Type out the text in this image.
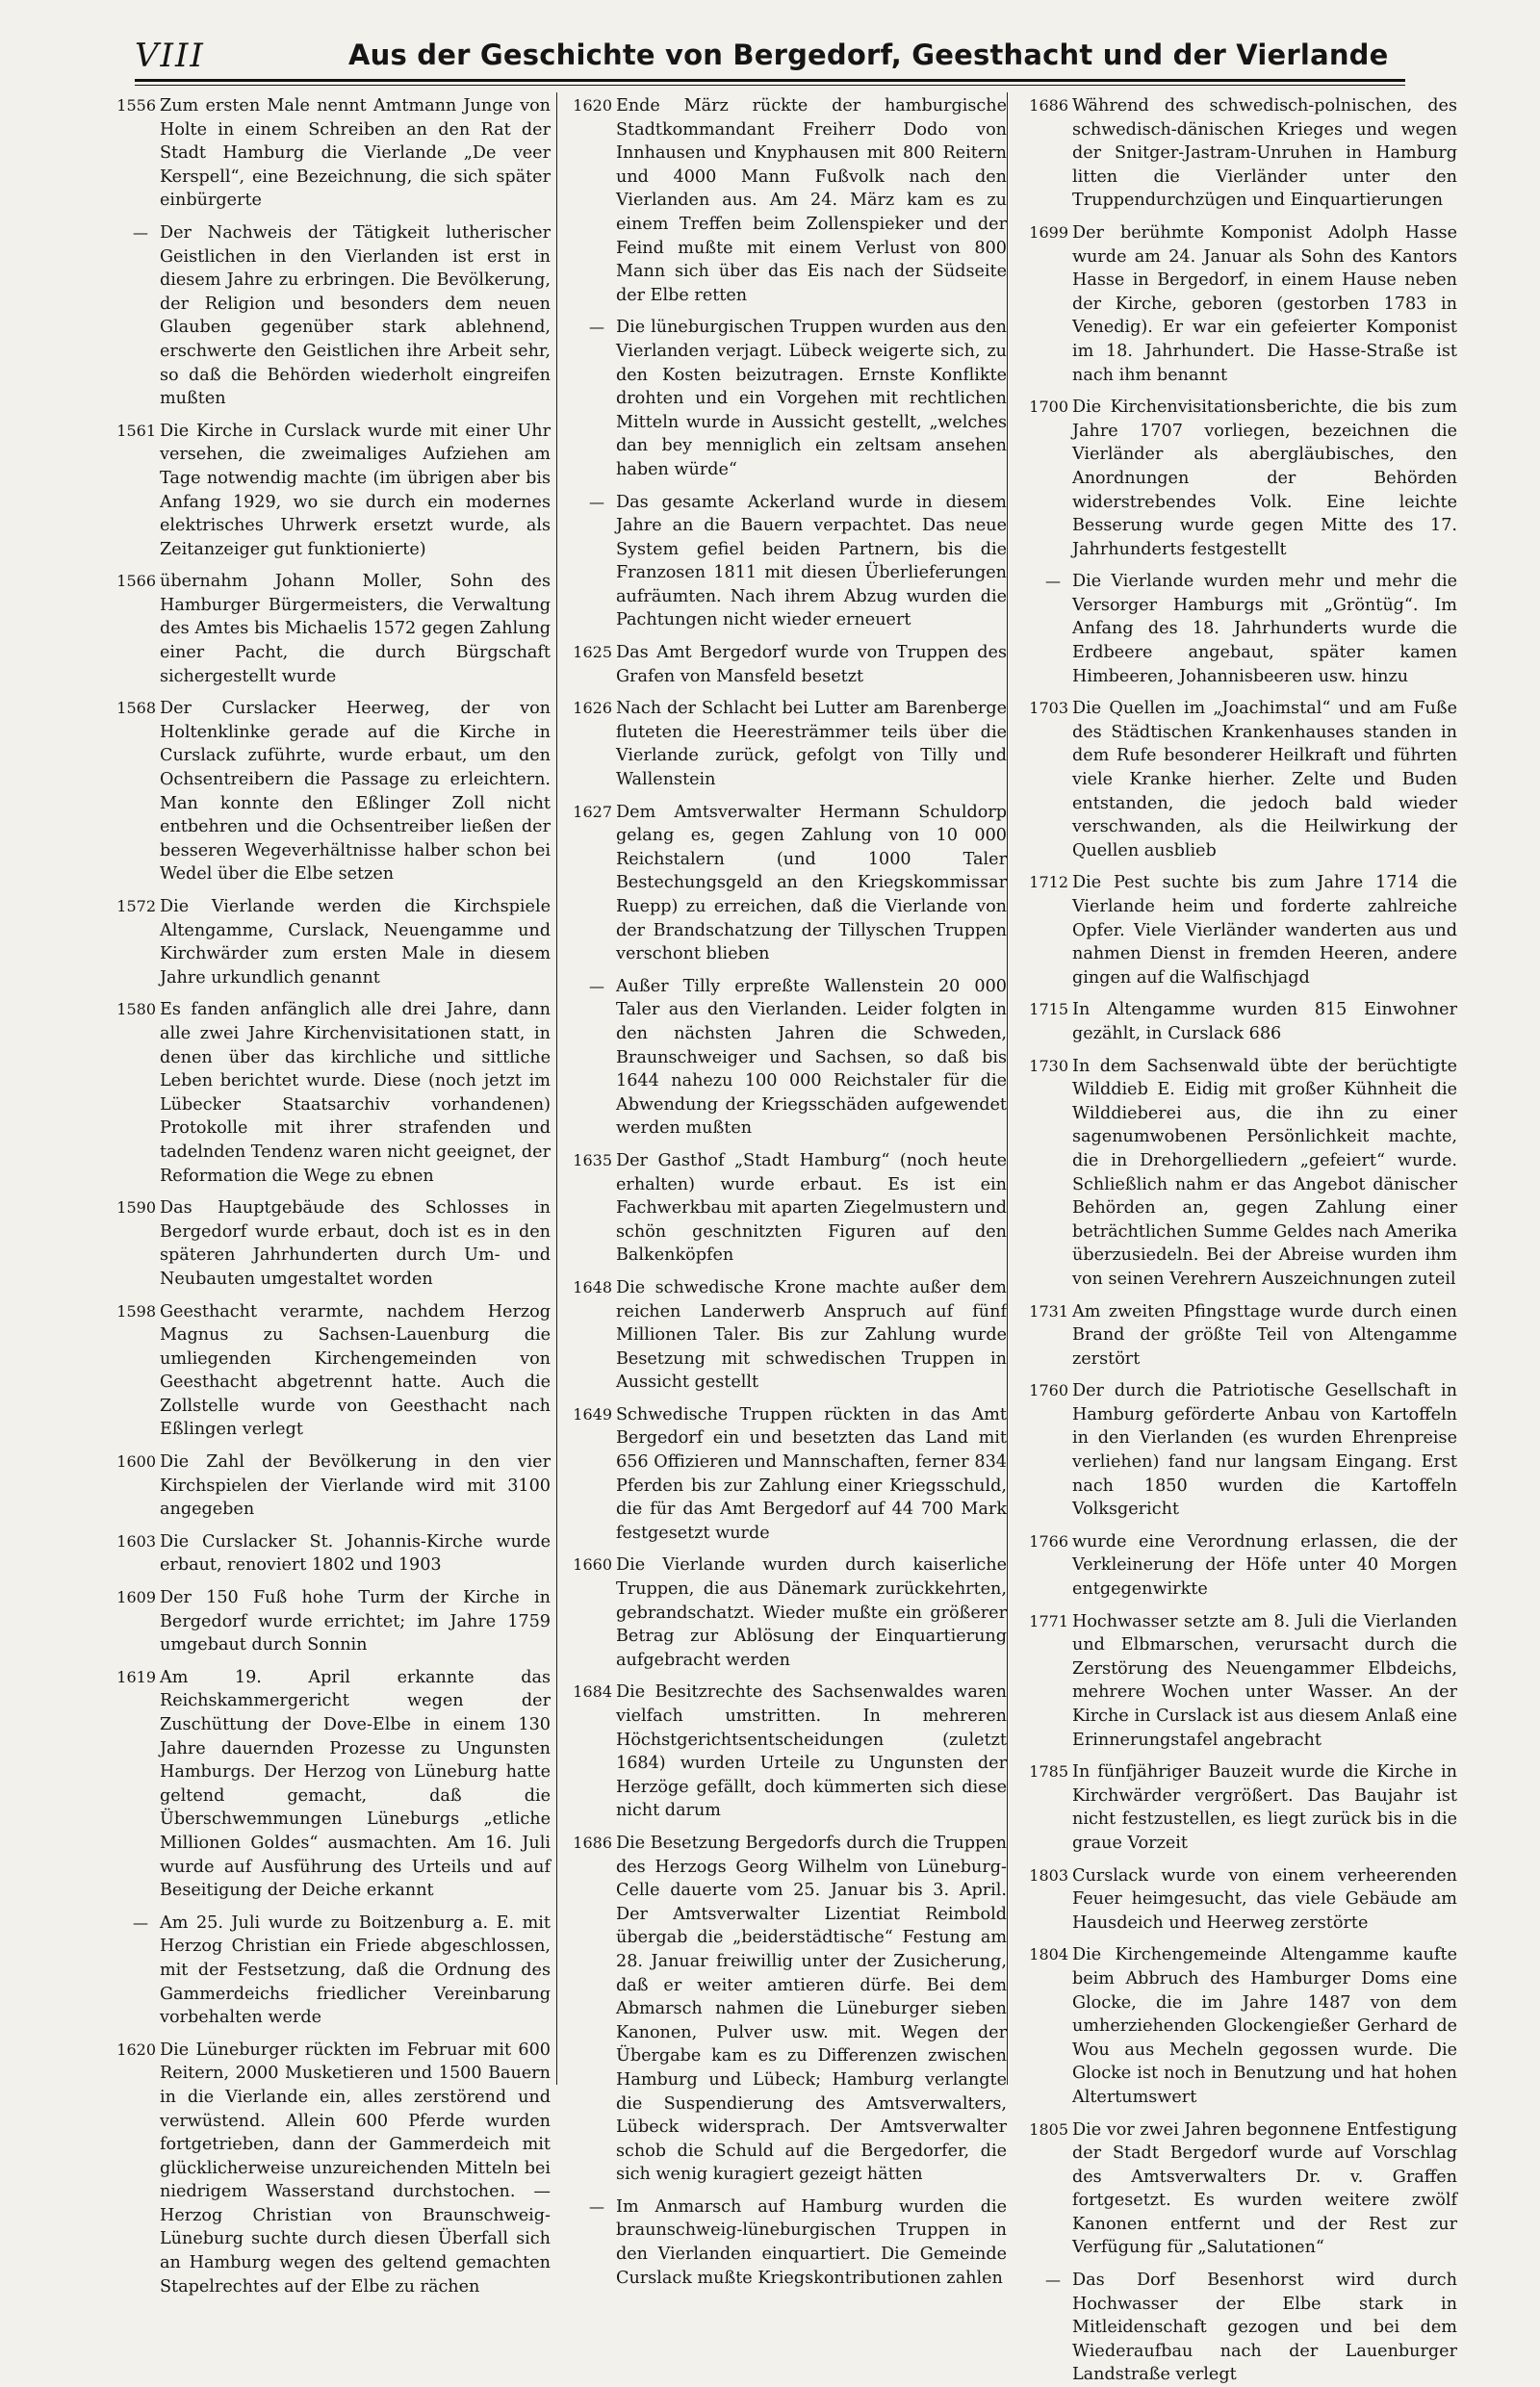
VIII	Aus der Geschichte von Bergedorf, Geesthacht und der Vierlande
1556 Zum ersten Male nennt Amtmann Junge von Holte in einem Schreiben an den Rat der Stadt Hamburg die Vierlande „De veer Kerspell“, eine Bezeichnung, die sich später einbürgerte
— Der Nachweis der Tätigkeit lutherischer Geistlichen in den Vierlanden ist erst in diesem Jahre zu erbringen. Die Bevölkerung, der Religion und besonders dem neuen Glauben gegenüber stark ablehnend, erschwerte den Geistlichen ihre Arbeit sehr, so daß die Behörden wiederholt eingreifen mußten
1561 Die Kirche in Curslack wurde mit einer Uhr versehen, die zweimaliges Aufziehen am Tage notwendig machte (im übrigen aber bis Anfang 1929, wo sie durch ein modernes elektrisches Uhrwerk ersetzt wurde, als Zeitanzeiger gut funktionierte)
1566 übernahm Johann Moller, Sohn des Hamburger Bürgermeisters, die Verwaltung des Amtes bis Michaelis 1572 gegen Zahlung einer Pacht, die durch Bürgschaft sichergestellt wurde
1568 Der Curslacker Heerweg, der von Holtenklinke gerade auf die Kirche in Curslack zuführte, wurde erbaut, um den Ochsentreibern die Passage zu erleichtern. Man konnte den Eßlinger Zoll nicht entbehren und die Ochsentreiber ließen der besseren Wegeverhältnisse halber schon bei Wedel über die Elbe setzen
1572 Die Vierlande werden die Kirchspiele Altengamme, Curslack, Neuengamme und Kirchwärder zum ersten Male in diesem Jahre urkundlich genannt
1580 Es fanden anfänglich alle drei Jahre, dann alle zwei Jahre Kirchenvisitationen statt, in denen über das kirchliche und sittliche Leben berichtet wurde. Diese (noch jetzt im Lübecker Staatsarchiv vorhandenen) Protokolle mit ihrer strafenden und tadelnden Tendenz waren nicht geeignet, der Reformation die Wege zu ebnen
1590 Das Hauptgebäude des Schlosses in Bergedorf wurde erbaut, doch ist es in den späteren Jahrhunderten durch Um- und Neubauten umgestaltet worden
1598 Geesthacht verarmte, nachdem Herzog Magnus zu Sachsen-Lauenburg die umliegenden Kirchengemeinden von Geesthacht abgetrennt hatte. Auch die Zollstelle wurde von Geesthacht nach Eßlingen verlegt
1600 Die Zahl der Bevölkerung in den vier Kirchspielen der Vierlande wird mit 3100 angegeben
1603 Die Curslacker St. Johannis-Kirche wurde erbaut, renoviert 1802 und 1903
1609 Der 150 Fuß hohe Turm der Kirche in Bergedorf wurde errichtet; im Jahre 1759 umgebaut durch Sonnin
1619 Am 19. April erkannte das Reichskammergericht wegen der Zuschüttung der Dove-Elbe in einem 130 Jahre dauernden Prozesse zu Ungunsten Hamburgs. Der Herzog von Lüneburg hatte geltend gemacht, daß die Überschwemmungen Lüneburgs „etliche Millionen Goldes“ ausmachten. Am 16. Juli wurde auf Ausführung des Urteils und auf Beseitigung der Deiche erkannt
— Am 25. Juli wurde zu Boitzenburg a. E. mit Herzog Christian ein Friede abgeschlossen, mit der Festsetzung, daß die Ordnung des Gammerdeichs friedlicher Vereinbarung vorbehalten werde
1620 Die Lüneburger rückten im Februar mit 600 Reitern, 2000 Musketieren und 1500 Bauern in die Vierlande ein, alles zerstörend und verwüstend. Allein 600 Pferde wurden fortgetrieben, dann der Gammerdeich mit glücklicherweise unzureichenden Mitteln bei niedrigem Wasserstand durchstochen. — Herzog Christian von Braunschweig-Lüneburg suchte durch diesen Überfall sich an Hamburg wegen des geltend gemachten Stapelrechtes auf der Elbe zu rächen
1620 Ende März rückte der hamburgische Stadtkommandant Freiherr Dodo von Innhausen und Knyphausen mit 800 Reitern und 4000 Mann Fußvolk nach den Vierlanden aus. Am 24. März kam es zu einem Treffen beim Zollenspieker und der Feind mußte mit einem Verlust von 800 Mann sich über das Eis nach der Südseite der Elbe retten
— Die lüneburgischen Truppen wurden aus den Vierlanden verjagt. Lübeck weigerte sich, zu den Kosten beizutragen. Ernste Konflikte drohten und ein Vorgehen mit rechtlichen Mitteln wurde in Aussicht gestellt, „welches dan bey menniglich ein zeltsam ansehen haben würde“
— Das gesamte Ackerland wurde in diesem Jahre an die Bauern verpachtet. Das neue System gefiel beiden Partnern, bis die Franzosen 1811 mit diesen Überlieferungen aufräumten. Nach ihrem Abzug wurden die Pachtungen nicht wieder erneuert
1625 Das Amt Bergedorf wurde von Truppen des Grafen von Mansfeld besetzt
1626 Nach der Schlacht bei Lutter am Barenberge fluteten die Heeresträmmer teils über die Vierlande zurück, gefolgt von Tilly und Wallenstein
1627 Dem Amtsverwalter Hermann Schuldorp gelang es, gegen Zahlung von 10 000 Reichstalern (und 1000 Taler Bestechungsgeld an den Kriegskommissar Ruepp) zu erreichen, daß die Vierlande von der Brandschatzung der Tillyschen Truppen verschont blieben
— Außer Tilly erpreßte Wallenstein 20 000 Taler aus den Vierlanden. Leider folgten in den nächsten Jahren die Schweden, Braunschweiger und Sachsen, so daß bis 1644 nahezu 100 000 Reichstaler für die Abwendung der Kriegsschäden aufgewendet werden mußten
1635 Der Gasthof „Stadt Hamburg“ (noch heute erhalten) wurde erbaut. Es ist ein Fachwerkbau mit aparten Ziegelmustern und schön geschnitzten Figuren auf den Balkenköpfen
1648 Die schwedische Krone machte außer dem reichen Landerwerb Anspruch auf fünf Millionen Taler. Bis zur Zahlung wurde Besetzung mit schwedischen Truppen in Aussicht gestellt
1649 Schwedische Truppen rückten in das Amt Bergedorf ein und besetzten das Land mit 656 Offizieren und Mannschaften, ferner 834 Pferden bis zur Zahlung einer Kriegsschuld, die für das Amt Bergedorf auf 44 700 Mark festgesetzt wurde
1660 Die Vierlande wurden durch kaiserliche Truppen, die aus Dänemark zurückkehrten, gebrandschatzt. Wieder mußte ein größerer Betrag zur Ablösung der Einquartierung aufgebracht werden
1684 Die Besitzrechte des Sachsenwaldes waren vielfach umstritten. In mehreren Höchstgerichtsentscheidungen (zuletzt 1684) wurden Urteile zu Ungunsten der Herzöge gefällt, doch kümmerten sich diese nicht darum
1686 Die Besetzung Bergedorfs durch die Truppen des Herzogs Georg Wilhelm von Lüneburg-Celle dauerte vom 25. Januar bis 3. April. Der Amtsverwalter Lizentiat Reimbold übergab die „beiderstädtische“ Festung am 28. Januar freiwillig unter der Zusicherung, daß er weiter amtieren dürfe. Bei dem Abmarsch nahmen die Lüneburger sieben Kanonen, Pulver usw. mit. Wegen der Übergabe kam es zu Differenzen zwischen Hamburg und Lübeck; Hamburg verlangte die Suspendierung des Amtsverwalters, Lübeck widersprach. Der Amtsverwalter schob die Schuld auf die Bergedorfer, die sich wenig kuragiert gezeigt hätten
— Im Anmarsch auf Hamburg wurden die braunschweig-lüneburgischen Truppen in den Vierlanden einquartiert. Die Gemeinde Curslack mußte Kriegskontributionen zahlen
1686 Während des schwedisch-polnischen, des schwedisch-dänischen Krieges und wegen der Snitger-Jastram-Unruhen in Hamburg litten die Vierländer unter den Truppendurchzügen und Einquartierungen
1699 Der berühmte Komponist Adolph Hasse wurde am 24. Januar als Sohn des Kantors Hasse in Bergedorf, in einem Hause neben der Kirche, geboren (gestorben 1783 in Venedig). Er war ein gefeierter Komponist im 18. Jahrhundert. Die Hasse-Straße ist nach ihm benannt
1700 Die Kirchenvisitationsberichte, die bis zum Jahre 1707 vorliegen, bezeichnen die Vierländer als abergläubisches, den Anordnungen der Behörden widerstrebendes Volk. Eine leichte Besserung wurde gegen Mitte des 17. Jahrhunderts festgestellt
— Die Vierlande wurden mehr und mehr die Versorger Hamburgs mit „Gröntüg“. Im Anfang des 18. Jahrhunderts wurde die Erdbeere angebaut, später kamen Himbeeren, Johannisbeeren usw. hinzu
1703 Die Quellen im „Joachimstal“ und am Fuße des Städtischen Krankenhauses standen in dem Rufe besonderer Heilkraft und führten viele Kranke hierher. Zelte und Buden entstanden, die jedoch bald wieder verschwanden, als die Heilwirkung der Quellen ausblieb
1712 Die Pest suchte bis zum Jahre 1714 die Vierlande heim und forderte zahlreiche Opfer. Viele Vierländer wanderten aus und nahmen Dienst in fremden Heeren, andere gingen auf die Walfischjagd
1715 In Altengamme wurden 815 Einwohner gezählt, in Curslack 686
1730 In dem Sachsenwald übte der berüchtigte Wilddieb E. Eidig mit großer Kühnheit die Wilddieberei aus, die ihn zu einer sagenumwobenen Persönlichkeit machte, die in Drehorgelliedern „gefeiert“ wurde. Schließlich nahm er das Angebot dänischer Behörden an, gegen Zahlung einer beträchtlichen Summe Geldes nach Amerika überzusiedeln. Bei der Abreise wurden ihm von seinen Verehrern Auszeichnungen zuteil
1731 Am zweiten Pfingsttage wurde durch einen Brand der größte Teil von Altengamme zerstört
1760 Der durch die Patriotische Gesellschaft in Hamburg geförderte Anbau von Kartoffeln in den Vierlanden (es wurden Ehrenpreise verliehen) fand nur langsam Eingang. Erst nach 1850 wurden die Kartoffeln Volksgericht
1766 wurde eine Verordnung erlassen, die der Verkleinerung der Höfe unter 40 Morgen entgegenwirkte
1771 Hochwasser setzte am 8. Juli die Vierlanden und Elbmarschen, verursacht durch die Zerstörung des Neuengammer Elbdeichs, mehrere Wochen unter Wasser. An der Kirche in Curslack ist aus diesem Anlaß eine Erinnerungstafel angebracht
1785 In fünfjähriger Bauzeit wurde die Kirche in Kirchwärder vergrößert. Das Baujahr ist nicht festzustellen, es liegt zurück bis in die graue Vorzeit
1803 Curslack wurde von einem verheerenden Feuer heimgesucht, das viele Gebäude am Hausdeich und Heerweg zerstörte
1804 Die Kirchengemeinde Altengamme kaufte beim Abbruch des Hamburger Doms eine Glocke, die im Jahre 1487 von dem umherziehenden Glockengießer Gerhard de Wou aus Mecheln gegossen wurde. Die Glocke ist noch in Benutzung und hat hohen Altertumswert
1805 Die vor zwei Jahren begonnene Entfestigung der Stadt Bergedorf wurde auf Vorschlag des Amtsverwalters Dr. v. Graffen fortgesetzt. Es wurden weitere zwölf Kanonen entfernt und der Rest zur Verfügung für „Salutationen“
— Das Dorf Besenhorst wird durch Hochwasser der Elbe stark in Mitleidenschaft gezogen und bei dem Wiederaufbau nach der Lauenburger Landstraße verlegt
